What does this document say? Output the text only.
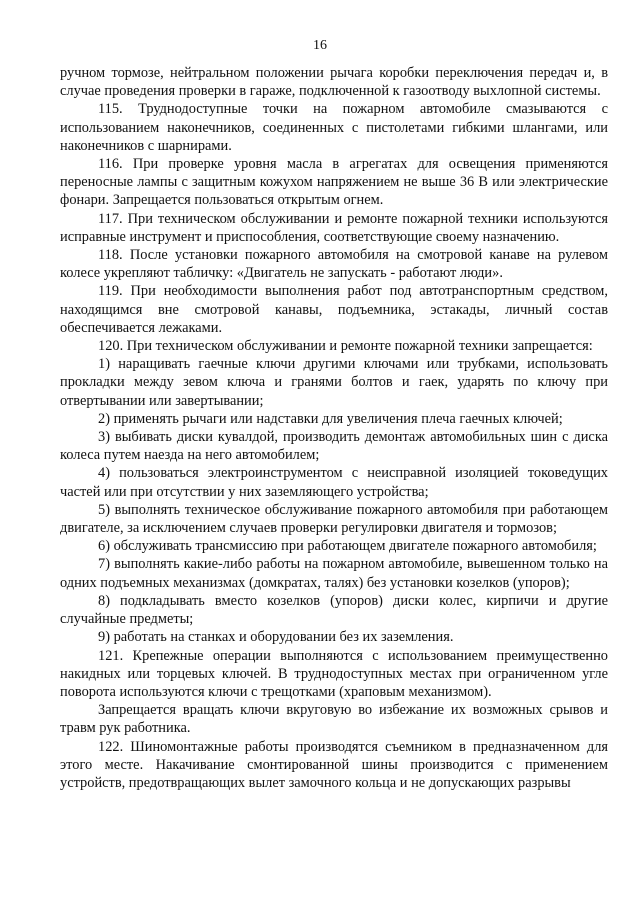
16

ручном тормозе, нейтральном положении рычага коробки переключения передач и, в случае проведения проверки в гараже, подключенной к газоотводу выхлопной системы.

115. Труднодоступные точки на пожарном автомобиле смазываются с использованием наконечников, соединенных с пистолетами гибкими шлангами, или наконечников с шарнирами.

116. При проверке уровня масла в агрегатах для освещения применяются переносные лампы с защитным кожухом напряжением не выше 36 В или электрические фонари. Запрещается пользоваться открытым огнем.

117. При техническом обслуживании и ремонте пожарной техники используются исправные инструмент и приспособления, соответствующие своему назначению.

118. После установки пожарного автомобиля на смотровой канаве на рулевом колесе укрепляют табличку: «Двигатель не запускать - работают люди».

119. При необходимости выполнения работ под автотранспортным средством, находящимся вне смотровой канавы, подъемника, эстакады, личный состав обеспечивается лежаками.

120. При техническом обслуживании и ремонте пожарной техники запрещается:

1) наращивать гаечные ключи другими ключами или трубками, использовать прокладки между зевом ключа и гранями болтов и гаек, ударять по ключу при отвертывании или завертывании;

2) применять рычаги или надставки для увеличения плеча гаечных ключей;

3) выбивать диски кувалдой, производить демонтаж автомобильных шин с диска колеса путем наезда на него автомобилем;

4) пользоваться электроинструментом с неисправной изоляцией токоведущих частей или при отсутствии у них заземляющего устройства;

5) выполнять техническое обслуживание пожарного автомобиля при работающем двигателе, за исключением случаев проверки регулировки двигателя и тормозов;

6) обслуживать трансмиссию при работающем двигателе пожарного автомобиля;

7) выполнять какие-либо работы на пожарном автомобиле, вывешенном только на одних подъемных механизмах (домкратах, талях) без установки козелков (упоров);

8) подкладывать вместо козелков (упоров) диски колес, кирпичи и другие случайные предметы;

9) работать на станках и оборудовании без их заземления.

121. Крепежные операции выполняются с использованием преимущественно накидных или торцевых ключей. В труднодоступных местах при ограниченном угле поворота используются ключи с трещотками (храповым механизмом).

Запрещается вращать ключи вкруговую во избежание их возможных срывов и травм рук работника.

122. Шиномонтажные работы производятся съемником в предназначенном для этого месте. Накачивание смонтированной шины производится с применением устройств, предотвращающих вылет замочного кольца и не допускающих разрывы
